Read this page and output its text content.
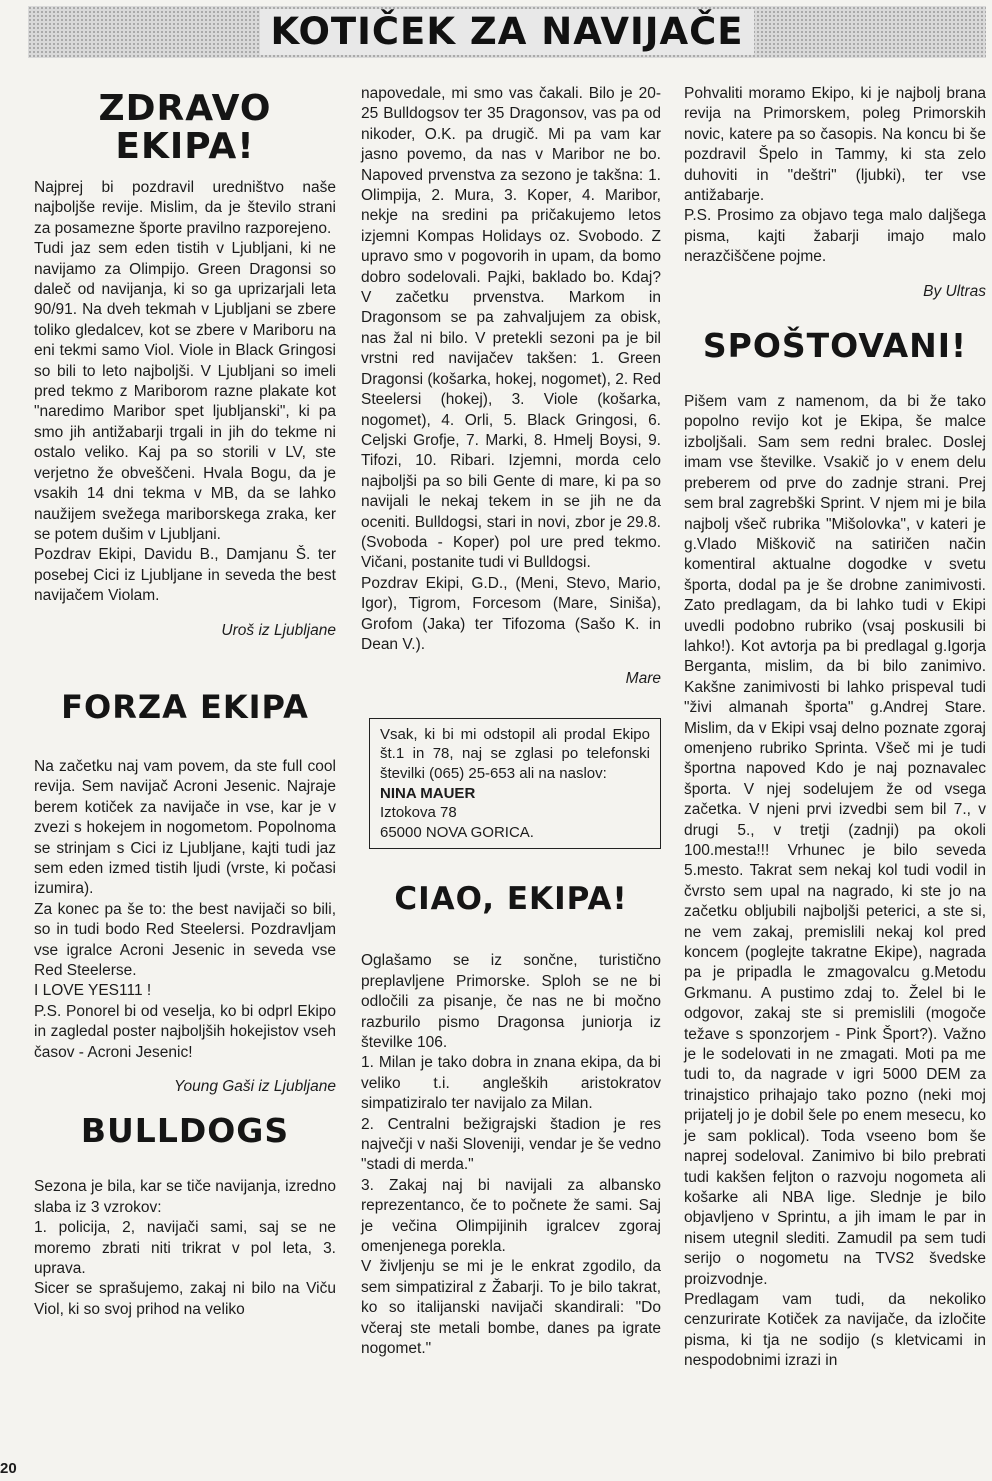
KOTIČEK ZA NAVIJAČE
ZDRAVO EKIPA!

Najprej bi pozdravil uredništvo naše najboljše revije. Mislim, da je število strani za posamezne športe pravilno razporejeno.

Tudi jaz sem eden tistih v Ljubljani, ki ne navijamo za Olimpijo. Green Dragonsi so daleč od navijanja, ki so ga uprizarjali leta 90/91. Na dveh tekmah v Ljubljani se zbere toliko gledalcev, kot se zbere v Mariboru na eni tekmi samo Viol. Viole in Black Gringosi so bili to leto najboljši. V Ljubljani so imeli pred tekmo z Mariborom razne plakate kot "naredimo Maribor spet ljubljanski", ki pa smo jih antižabarji trgali in jih do tekme ni ostalo veliko. Kaj pa so storili v LV, ste verjetno že obveščeni. Hvala Bogu, da je vsakih 14 dni tekma v MB, da se lahko naužijem svežega mariborskega zraka, ker se potem dušim v Ljubljani.

Pozdrav Ekipi, Davidu B., Damjanu Š. ter posebej Cici iz Ljubljane in seveda the best navijačem Violam.

Uroš iz Ljubljane

FORZA EKIPA

Na začetku naj vam povem, da ste full cool revija. Sem navijač Acroni Jesenic. Najraje berem kotiček za navijače in vse, kar je v zvezi s hokejem in nogometom. Popolnoma se strinjam s Cici iz Ljubljane, kajti tudi jaz sem eden izmed tistih ljudi (vrste, ki počasi izumira).

Za konec pa še to: the best navijači so bili, so in tudi bodo Red Steelersi. Pozdravljam vse igralce Acroni Jesenic in seveda vse Red Steelerse.

I LOVE YES111 !

P.S. Ponorel bi od veselja, ko bi odprl Ekipo in zagledal poster najboljših hokejistov vseh časov - Acroni Jesenic!

Young Gaši iz Ljubljane

BULLDOGS

Sezona je bila, kar se tiče navijanja, izredno slaba iz 3 vzrokov:

1. policija, 2, navijači sami, saj se ne moremo zbrati niti trikrat v pol leta, 3. uprava.

Sicer se sprašujemo, zakaj ni bilo na Viču Viol, ki so svoj prihod na veliko

napovedale, mi smo vas čakali. Bilo je 20-25 Bulldogsov ter 35 Dragonsov, vas pa od nikoder, O.K. pa drugič. Mi pa vam kar jasno povemo, da nas v Maribor ne bo. Napoved prvenstva za sezono je takšna: 1. Olimpija, 2. Mura, 3. Koper, 4. Maribor, nekje na sredini pa pričakujemo letos izjemni Kompas Holidays oz. Svobodo. Z upravo smo v pogovorih in upam, da bomo dobro sodelovali. Pajki, baklado bo. Kdaj? V začetku prvenstva. Markom in Dragonsom se pa zahvaljujem za obisk, nas žal ni bilo. V pretekli sezoni pa je bil vrstni red navijačev takšen: 1. Green Dragonsi (košarka, hokej, nogomet), 2. Red Steelersi (hokej), 3. Viole (košarka, nogomet), 4. Orli, 5. Black Gringosi, 6. Celjski Grofje, 7. Marki, 8. Hmelj Boysi, 9. Tifozi, 10. Ribari. Izjemni, morda celo najboljši pa so bili Gente di mare, ki pa so navijali le nekaj tekem in se jih ne da oceniti. Bulldogsi, stari in novi, zbor je 29.8. (Svoboda - Koper) pol ure pred tekmo. Vičani, postanite tudi vi Bulldogsi.

Pozdrav Ekipi, G.D., (Meni, Stevo, Mario, Igor), Tigrom, Forcesom (Mare, Siniša), Grofom (Jaka) ter Tifozoma (Sašo K. in Dean V.).

Mare

Vsak, ki bi mi odstopil ali prodal Ekipo št.1 in 78, naj se zglasi po telefonski številki (065) 25-653 ali na naslov:

NINA MAUER

Iztokova 78

65000 NOVA GORICA.

CIAO, EKIPA!

Oglašamo se iz sončne, turistično preplavljene Primorske. Sploh se ne bi odločili za pisanje, če nas ne bi močno razburilo pismo Dragonsa juniorja iz številke 106.

1. Milan je tako dobra in znana ekipa, da bi veliko t.i. angleških aristokratov simpatiziralo ter navijalo za Milan.

2. Centralni bežigrajski štadion je res največji v naši Sloveniji, vendar je še vedno "stadi di merda."

3. Zakaj naj bi navijali za albansko reprezentanco, če to počnete že sami. Saj je večina Olimpijinih igralcev zgoraj omenjenega porekla.

V življenju se mi je le enkrat zgodilo, da sem simpatiziral z Žabarji. To je bilo takrat, ko so italijanski navijači skandirali: "Do včeraj ste metali bombe, danes pa igrate nogomet."

Pohvaliti moramo Ekipo, ki je najbolj brana revija na Primorskem, poleg Primorskih novic, katere pa so časopis. Na koncu bi še pozdravil Špelo in Tammy, ki sta zelo duhoviti in "deštri" (ljubki), ter vse antižabarje.

P.S. Prosimo za objavo tega malo daljšega pisma, kajti žabarji imajo malo nerazčiščene pojme.

By Ultras

SPOŠTOVANI!

Pišem vam z namenom, da bi že tako popolno revijo kot je Ekipa, še malce izboljšali. Sam sem redni bralec. Doslej imam vse številke. Vsakič jo v enem delu preberem od prve do zadnje strani. Prej sem bral zagrebški Sprint. V njem mi je bila najbolj všeč rubrika "Mišolovka", v kateri je g.Vlado Miškovič na satiričen način komentiral aktualne dogodke v svetu športa, dodal pa je še drobne zanimivosti. Zato predlagam, da bi lahko tudi v Ekipi uvedli podobno rubriko (vsaj poskusili bi lahko!). Kot avtorja pa bi predlagal g.Igorja Berganta, mislim, da bi bilo zanimivo. Kakšne zanimivosti bi lahko prispeval tudi "živi almanah športa" g.Andrej Stare. Mislim, da v Ekipi vsaj delno poznate zgoraj omenjeno rubriko Sprinta. Všeč mi je tudi športna napoved Kdo je naj poznavalec športa. V njej sodelujem že od vsega začetka. V njeni prvi izvedbi sem bil 7., v drugi 5., v tretji (zadnji) pa okoli 100.mesta!!! Vrhunec je bilo seveda 5.mesto. Takrat sem nekaj kol tudi vodil in čvrsto sem upal na nagrado, ki ste jo na začetku obljubili najboljši peterici, a ste si, ne vem zakaj, premislili nekaj kol pred koncem (poglejte takratne Ekipe), nagrada pa je pripadla le zmagovalcu g.Metodu Grkmanu. A pustimo zdaj to. Želel bi le odgovor, zakaj ste si premislili (mogoče težave s sponzorjem - Pink Šport?). Važno je le sodelovati in ne zmagati. Moti pa me tudi to, da nagrade v igri 5000 DEM za trinajstico prihajajo tako pozno (neki moj prijatelj jo je dobil šele po enem mesecu, ko je sam poklical). Toda vseeno bom še naprej sodeloval. Zanimivo bi bilo prebrati tudi kakšen feljton o razvoju nogometa ali košarke ali NBA lige. Slednje je bilo objavljeno v Sprintu, a jih imam le par in nisem utegnil slediti. Zamudil pa sem tudi serijo o nogometu na TVS2 švedske proizvodnje.

Predlagam vam tudi, da nekoliko cenzurirate Kotiček za navijače, da izločite pisma, ki tja ne sodijo (s kletvicami in nespodobnimi izrazi in

20
